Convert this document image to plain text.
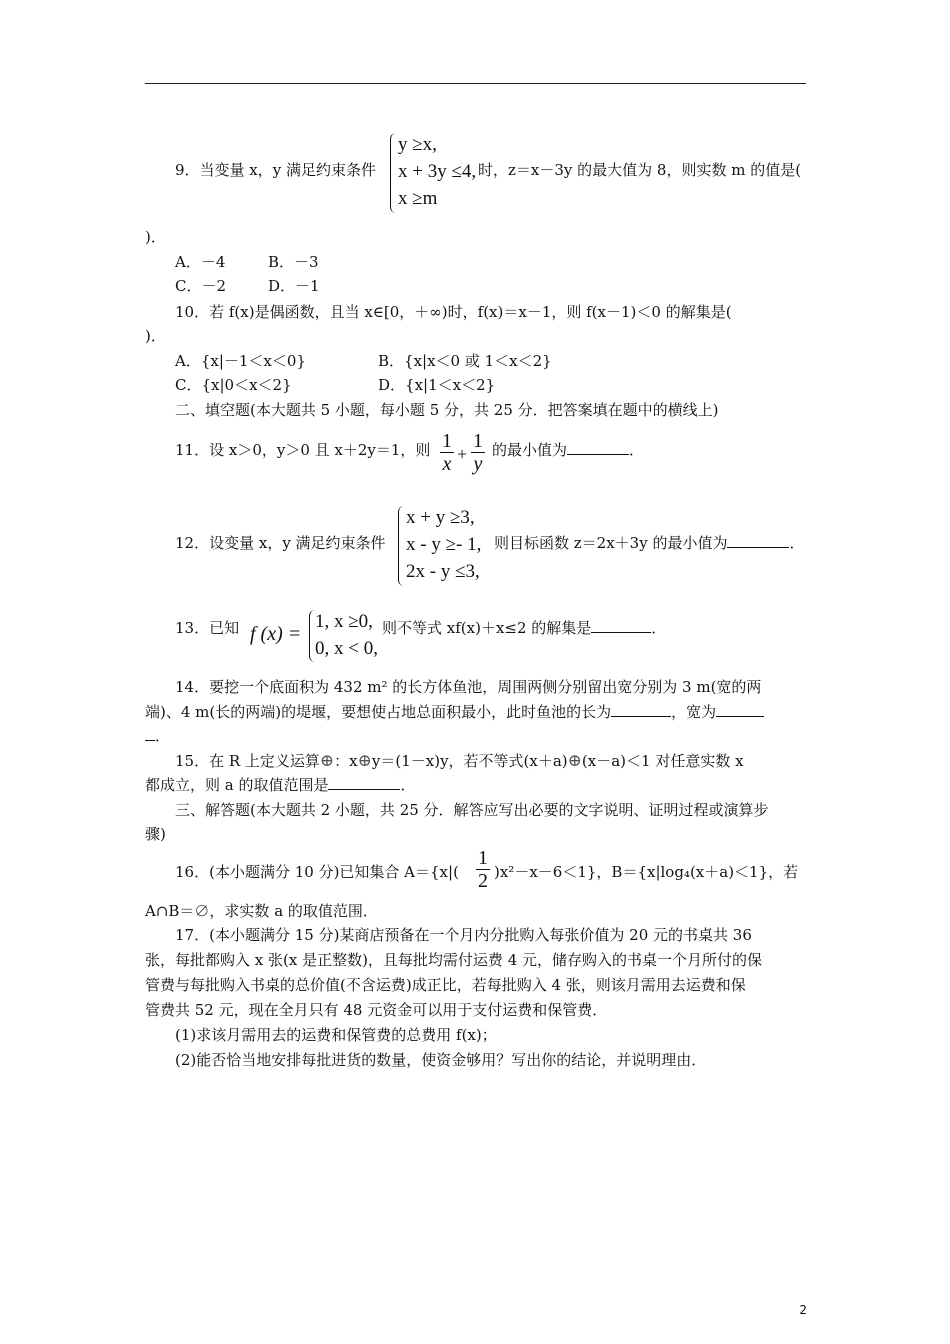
9．当变量 x，y 满足约束条件
y ≥x,
x + 3y ≤4,
x ≥m
时，z＝x－3y 的最大值为 8，则实数 m 的值是(
)．
A．－4	B．－3
C．－2	D．－1
10．若 f(x)是偶函数，且当 x∈[0，＋∞)时，f(x)＝x－1，则 f(x－1)＜0 的解集是(
)．
A．{x|－1＜x＜0}	B．{x|x＜0 或 1＜x＜2}
C．{x|0＜x＜2}	D．{x|1＜x＜2}
二、填空题(本大题共 5 小题，每小题 5 分，共 25 分．把答案填在题中的横线上)
11．设 x＞0，y＞0 且 x＋2y＝1，则 1
x +
1
y
的最小值为	．
12．设变量 x，y 满足约束条件
x + y ≥3,
x - y ≥- 1,
2x - y ≤3,
则目标函数 z＝2x＋3y 的最小值为	．
13．已知 f (x) =
1, x ≥0,
0, x < 0,
则不等式 xf(x)＋x≤2 的解集是	．
14．要挖一个底面积为 432 m² 的长方体鱼池，周围两侧分别留出宽分别为 3 m(宽的两
端)、4 m(长的两端)的堤堰，要想使占地总面积最小，此时鱼池的长为	，宽为
．
15．在 R 上定义运算⊕：x⊕y＝(1－x)y，若不等式(x＋a)⊕(x－a)＜1 对任意实数 x
都成立，则 a 的取值范围是	．
三、解答题(本大题共 2 小题，共 25 分．解答应写出必要的文字说明、证明过程或演算步
骤)
16．(本小题满分 10 分)已知集合 A＝{x|(
1
2 )x²－x－6＜1}，B＝{x|log₄(x＋a)＜1}，若
A∩B＝∅，求实数 a 的取值范围．
17．(本小题满分 15 分)某商店预备在一个月内分批购入每张价值为 20 元的书桌共 36
张，每批都购入 x 张(x 是正整数)，且每批均需付运费 4 元，储存购入的书桌一个月所付的保
管费与每批购入书桌的总价值(不含运费)成正比，若每批购入 4 张，则该月需用去运费和保
管费共 52 元，现在全月只有 48 元资金可以用于支付运费和保管费．
(1)求该月需用去的运费和保管费的总费用 f(x)；
(2)能否恰当地安排每批进货的数量，使资金够用？写出你的结论，并说明理由．
2
